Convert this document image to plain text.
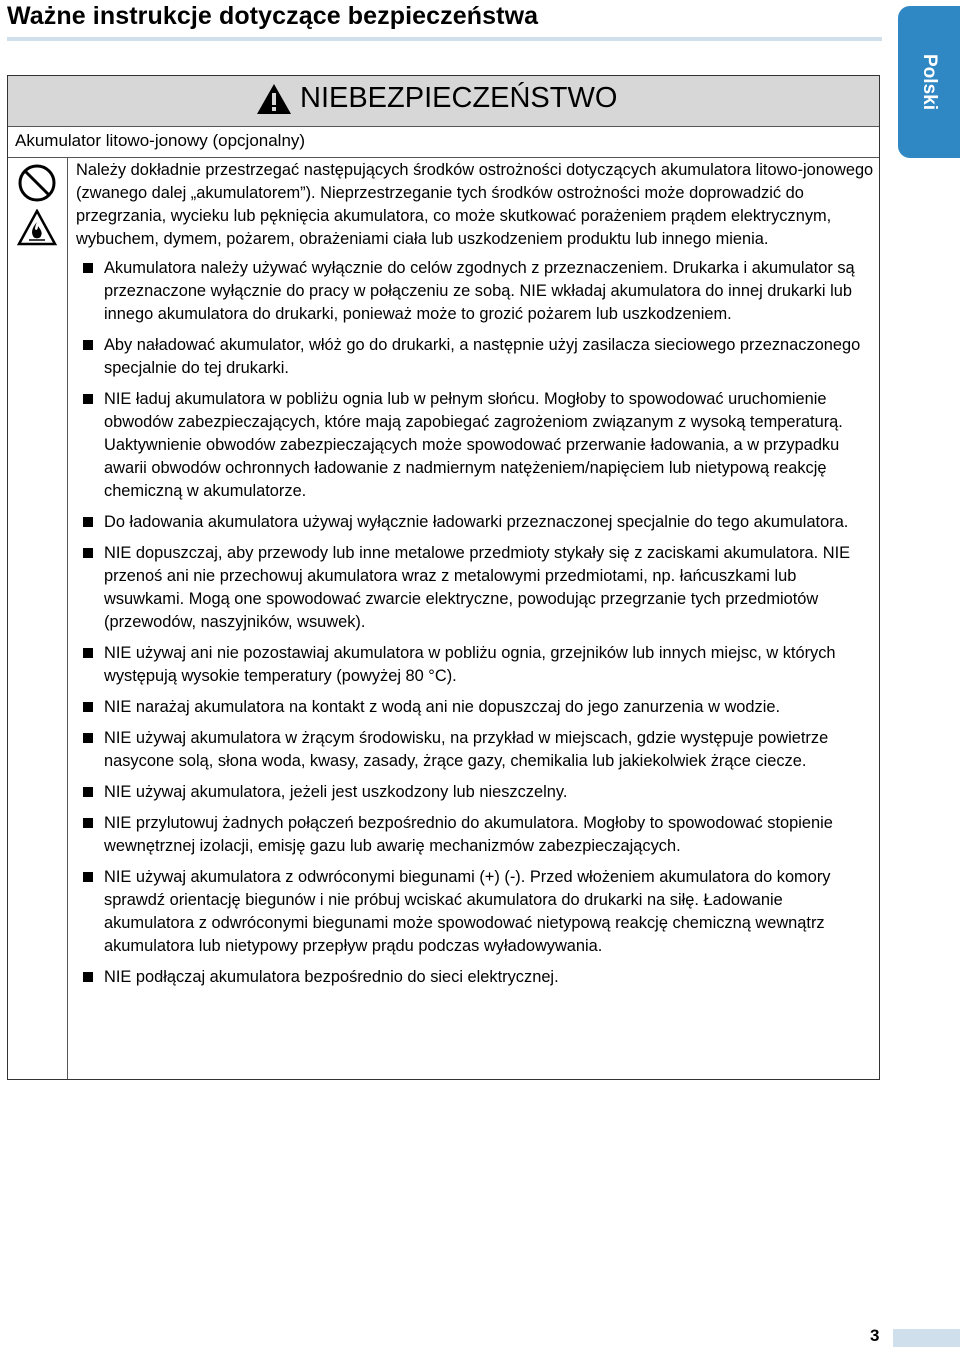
Ważne instrukcje dotyczące bezpieczeństwa
Polski
NIEBEZPIECZEŃSTWO
Akumulator litowo-jonowy (opcjonalny)

Należy dokładnie przestrzegać następujących środków ostrożności dotyczących akumulatora litowo-jonowego (zwanego dalej „akumulatorem”). Nieprzestrzeganie tych środków ostrożności może doprowadzić do przegrzania, wycieku lub pęknięcia akumulatora, co może skutkować porażeniem prądem elektrycznym, wybuchem, dymem, pożarem, obrażeniami ciała lub uszkodzeniem produktu lub innego mienia.

Akumulatora należy używać wyłącznie do celów zgodnych z przeznaczeniem. Drukarka i akumulator są przeznaczone wyłącznie do pracy w połączeniu ze sobą. NIE wkładaj akumulatora do innej drukarki lub innego akumulatora do drukarki, ponieważ może to grozić pożarem lub uszkodzeniem.
Aby naładować akumulator, włóż go do drukarki, a następnie użyj zasilacza sieciowego przeznaczonego specjalnie do tej drukarki.
NIE ładuj akumulatora w pobliżu ognia lub w pełnym słońcu. Mogłoby to spowodować uruchomienie obwodów zabezpieczających, które mają zapobiegać zagrożeniom związanym z wysoką temperaturą. Uaktywnienie obwodów zabezpieczających może spowodować przerwanie ładowania, a w przypadku awarii obwodów ochronnych ładowanie z nadmiernym natężeniem/napięciem lub nietypową reakcję chemiczną w akumulatorze.
Do ładowania akumulatora używaj wyłącznie ładowarki przeznaczonej specjalnie do tego akumulatora.
NIE dopuszczaj, aby przewody lub inne metalowe przedmioty stykały się z zaciskami akumulatora. NIE przenoś ani nie przechowuj akumulatora wraz z metalowymi przedmiotami, np. łańcuszkami lub wsuwkami. Mogą one spowodować zwarcie elektryczne, powodując przegrzanie tych przedmiotów (przewodów, naszyjników, wsuwek).
NIE używaj ani nie pozostawiaj akumulatora w pobliżu ognia, grzejników lub innych miejsc, w których występują wysokie temperatury (powyżej 80 °C).
NIE narażaj akumulatora na kontakt z wodą ani nie dopuszczaj do jego zanurzenia w wodzie.
NIE używaj akumulatora w żrącym środowisku, na przykład w miejscach, gdzie występuje powietrze nasycone solą, słona woda, kwasy, zasady, żrące gazy, chemikalia lub jakiekolwiek żrące ciecze.
NIE używaj akumulatora, jeżeli jest uszkodzony lub nieszczelny.
NIE przylutowuj żadnych połączeń bezpośrednio do akumulatora. Mogłoby to spowodować stopienie wewnętrznej izolacji, emisję gazu lub awarię mechanizmów zabezpieczających.
NIE używaj akumulatora z odwróconymi biegunami (+) (-). Przed włożeniem akumulatora do komory sprawdź orientację biegunów i nie próbuj wciskać akumulatora do drukarki na siłę. Ładowanie akumulatora z odwróconymi biegunami może spowodować nietypową reakcję chemiczną wewnątrz akumulatora lub nietypowy przepływ prądu podczas wyładowywania.
NIE podłączaj akumulatora bezpośrednio do sieci elektrycznej.
3
